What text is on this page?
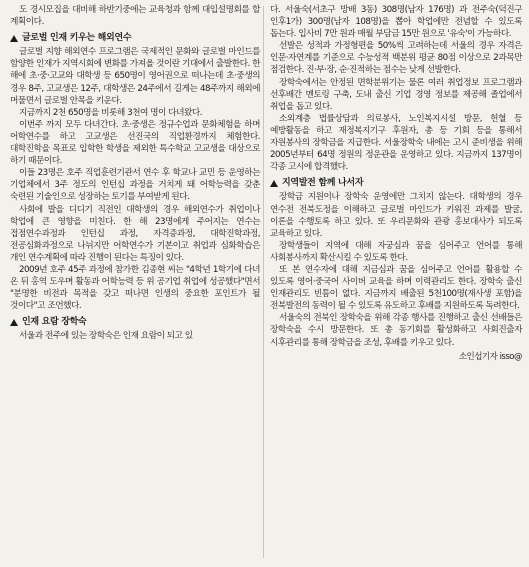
도 경시모집을 대비해 하반기중에는 교육청과 함께 대입설명회를 할 계획이다.

글로벌 인재 키우는 해외연수

글로벌 지향 해외연수 프로그램은 국제적인 문화와 글로벌 마인드를 함양한 인재가 지역시회에 변화를 가져올 것이란 기대에서 출발한다. 한 해에 초·중·고교와 대학생 등 650명이 영어권으로 떠나는데 초·중생의 경우 8주, 고교생은 12주, 대학생은 24주에서 길게는 48주까지 해외에 머물면서 글로벌 안목을 키운다.

지금까지 2천 650명을 비롯해 3천여 명이 다녀왔다.

이번주 까지 모두 다녀간다. 초·중생은 정규수업과 문화체험을 하며 어학연수를 하고 고교생은 선진국의 직업환경까지 체험한다. 대학진학을 목표로 입학한 학생을 제외한 특수학교 고교생을 대상으로 하기 때문이다.

이들 23명은 호주 직업훈련기관서 연수 후 학교나 교민 등 운영하는 기업체에서 3주 정도의 인턴십 과정을 거치게 돼 어학능력을 갖춘 숙련된 기술인으로 성장하는 토기를 부여받게 된다.

사회에 발을 디디기 직전인 대학생의 경우 해외연수가 취업이나 학업에 큰 영향을 미친다. 한 해 23명에게 주어지는 연수는 접점연수과정과 인턴십 과정, 자격증과정, 대학진학과정, 전공심화과정으로 나뉘지만 어학연수가 기본이고 취업과 심화학습은 개인 연수계획에 따라 진행이 된다는 특징이 있다.

2009년 호주 45주 과정에 참가한 김종현 씨는 "4학년 1학기에 다녀 온 뒤 홍역 도우며 활동과 어학능력 등 위 공기업 취업에 성공했다"면서 "분명한 비전과 목적을 갖고 떠나면 인생의 중요한 포인트가 될 것이다"고 조언했다.

인재 요람 장학숙

서울과 전주에 있는 장학숙은 인재 요람이 되고 있

다. 서울숙(서초구 방배 3동) 308명(남자 176명) 과 전주숙(덕진구 인후1가) 300명(남자 108명)을 뽑아 학업에만 전념할 수 있도록 돕는다. 입사비 7만 원과 매월 부담금 15만 원으로 '유숙'이 가능하다.

선발은 성적과 가정형편을 50%씩 고려하는데 서울의 경우 자격은 인문·자연계를 기준으로 수능성적 백분위 평균 80점 이상으로 2과목만 점검한다. 진·부·장, 순·진적하는 점수는 낮게 선발한다.

장학숙에서는 안정된 면학분위기는 물론 여러 취업정보 프로그램과 선후배간 멘토링 구축, 도내 출신 기업 경영 정보를 제공해 졸업에서 취업을 돕고 있다.

소외계층 법률상담과 의료봉사, 노인복지시설 방문, 헌혈 등 예방활동을 하고 재정복지기구 후원자, 총 등 기회 등을 통해서 자원봉사의 장학금을 지급한다. 서울장학숙 내에는 고시 준비생을 위해 2005년부터 64명 정원의 정운관을 운영하고 있다. 지금까지 137명이 각종 고시에 합격했다.

지역발전 함께 나서자

장학금 지원이나 장학숙 운영에만 그치지 않는다. 대학생의 경우 연수전 전북도정을 이해하고 글로벌 마인드가 키워진 과제를 발굴, 이론을 수행토록 하고 있다. 또 우리문화와 관광 홍보대사가 되도록 교육하고 있다.

장학생들이 지역에 대해 자궁심과 꿈을 심어주고 언어를 통해 사회봉사까지 확산시킬 수 있도록 한다.

또 본 연수자에 대해 지금심과 꿈을 심어주고 언어를 활용할 수 있도록 영어·중국어 사이버 교육을 하며 이력관리도 한다. 장학숙 출신 인재관리도 빈틈이 없다. 지금까지 배출된 5천100명(재사생 포함)을 전북발전의 동력이 될 수 있도록 유도하고 후배를 지원하도록 독려한다.

서울숙의 전북인 장학숙을 위해 각종 행사를 진행하고 출신 선배들은 장학숙을 수시 방문한다. 또 총 동기회를 활성화하고 사회진출자 시후관리를 통해 장학금을 조성, 후배를 키우고 있다.

소인섭기자 isso@
